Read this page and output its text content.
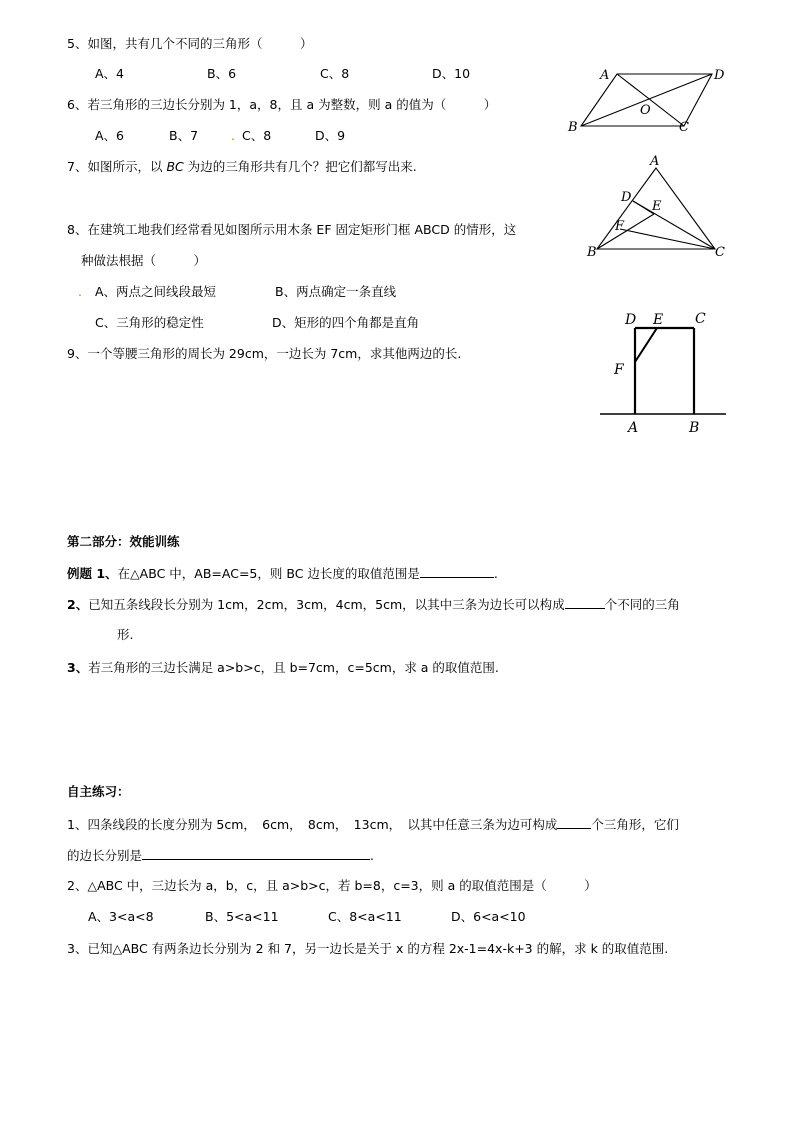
5、如图，共有几个不同的三角形（　　　）
A、4	B、6	C、8	D、10
6、若三角形的三边长分别为 1，a，8，且 a 为整数，则 a 的值为（　　　）
A、6	B、7	. C、8	D、9
7、如图所示，以 BC 为边的三角形共有几个？把它们都写出来.
8、在建筑工地我们经常看见如图所示用木条 EF 固定矩形门框 ABCD 的情形，这
种做法根据（　　　）
. A、两点之间线段最短	B、两点确定一条直线
C、三角形的稳定性	D、矩形的四个角都是直角
9、一个等腰三角形的周长为 29cm，一边长为 7cm，求其他两边的长.
A	D
O
B	C
A
D
E
F
B	C
D E C
F
A	B
第二部分：效能训练
例题 1、在△ABC 中，AB=AC=5，则 BC 边长度的取值范围是	.
2、已知五条线段长分别为 1cm，2cm，3cm，4cm，5cm，以其中三条为边长可以构成	个不同的三角
形.
3、若三角形的三边长满足 a>b>c，且 b=7cm，c=5cm，求 a 的取值范围.
自主练习：
1、四条线段的长度分别为 5cm，　6cm，　8cm，　13cm，　以其中任意三条为边可构成	个三角形，它们
的边长分别是	.
2、△ABC 中，三边长为 a，b，c，且 a>b>c，若 b=8，c=3，则 a 的取值范围是（　　　）
A、3<a<8	B、5<a<11	C、8<a<11	D、6<a<10
3、已知△ABC 有两条边长分别为 2 和 7，另一边长是关于 x 的方程 2x-1=4x-k+3 的解，求 k 的取值范围.
